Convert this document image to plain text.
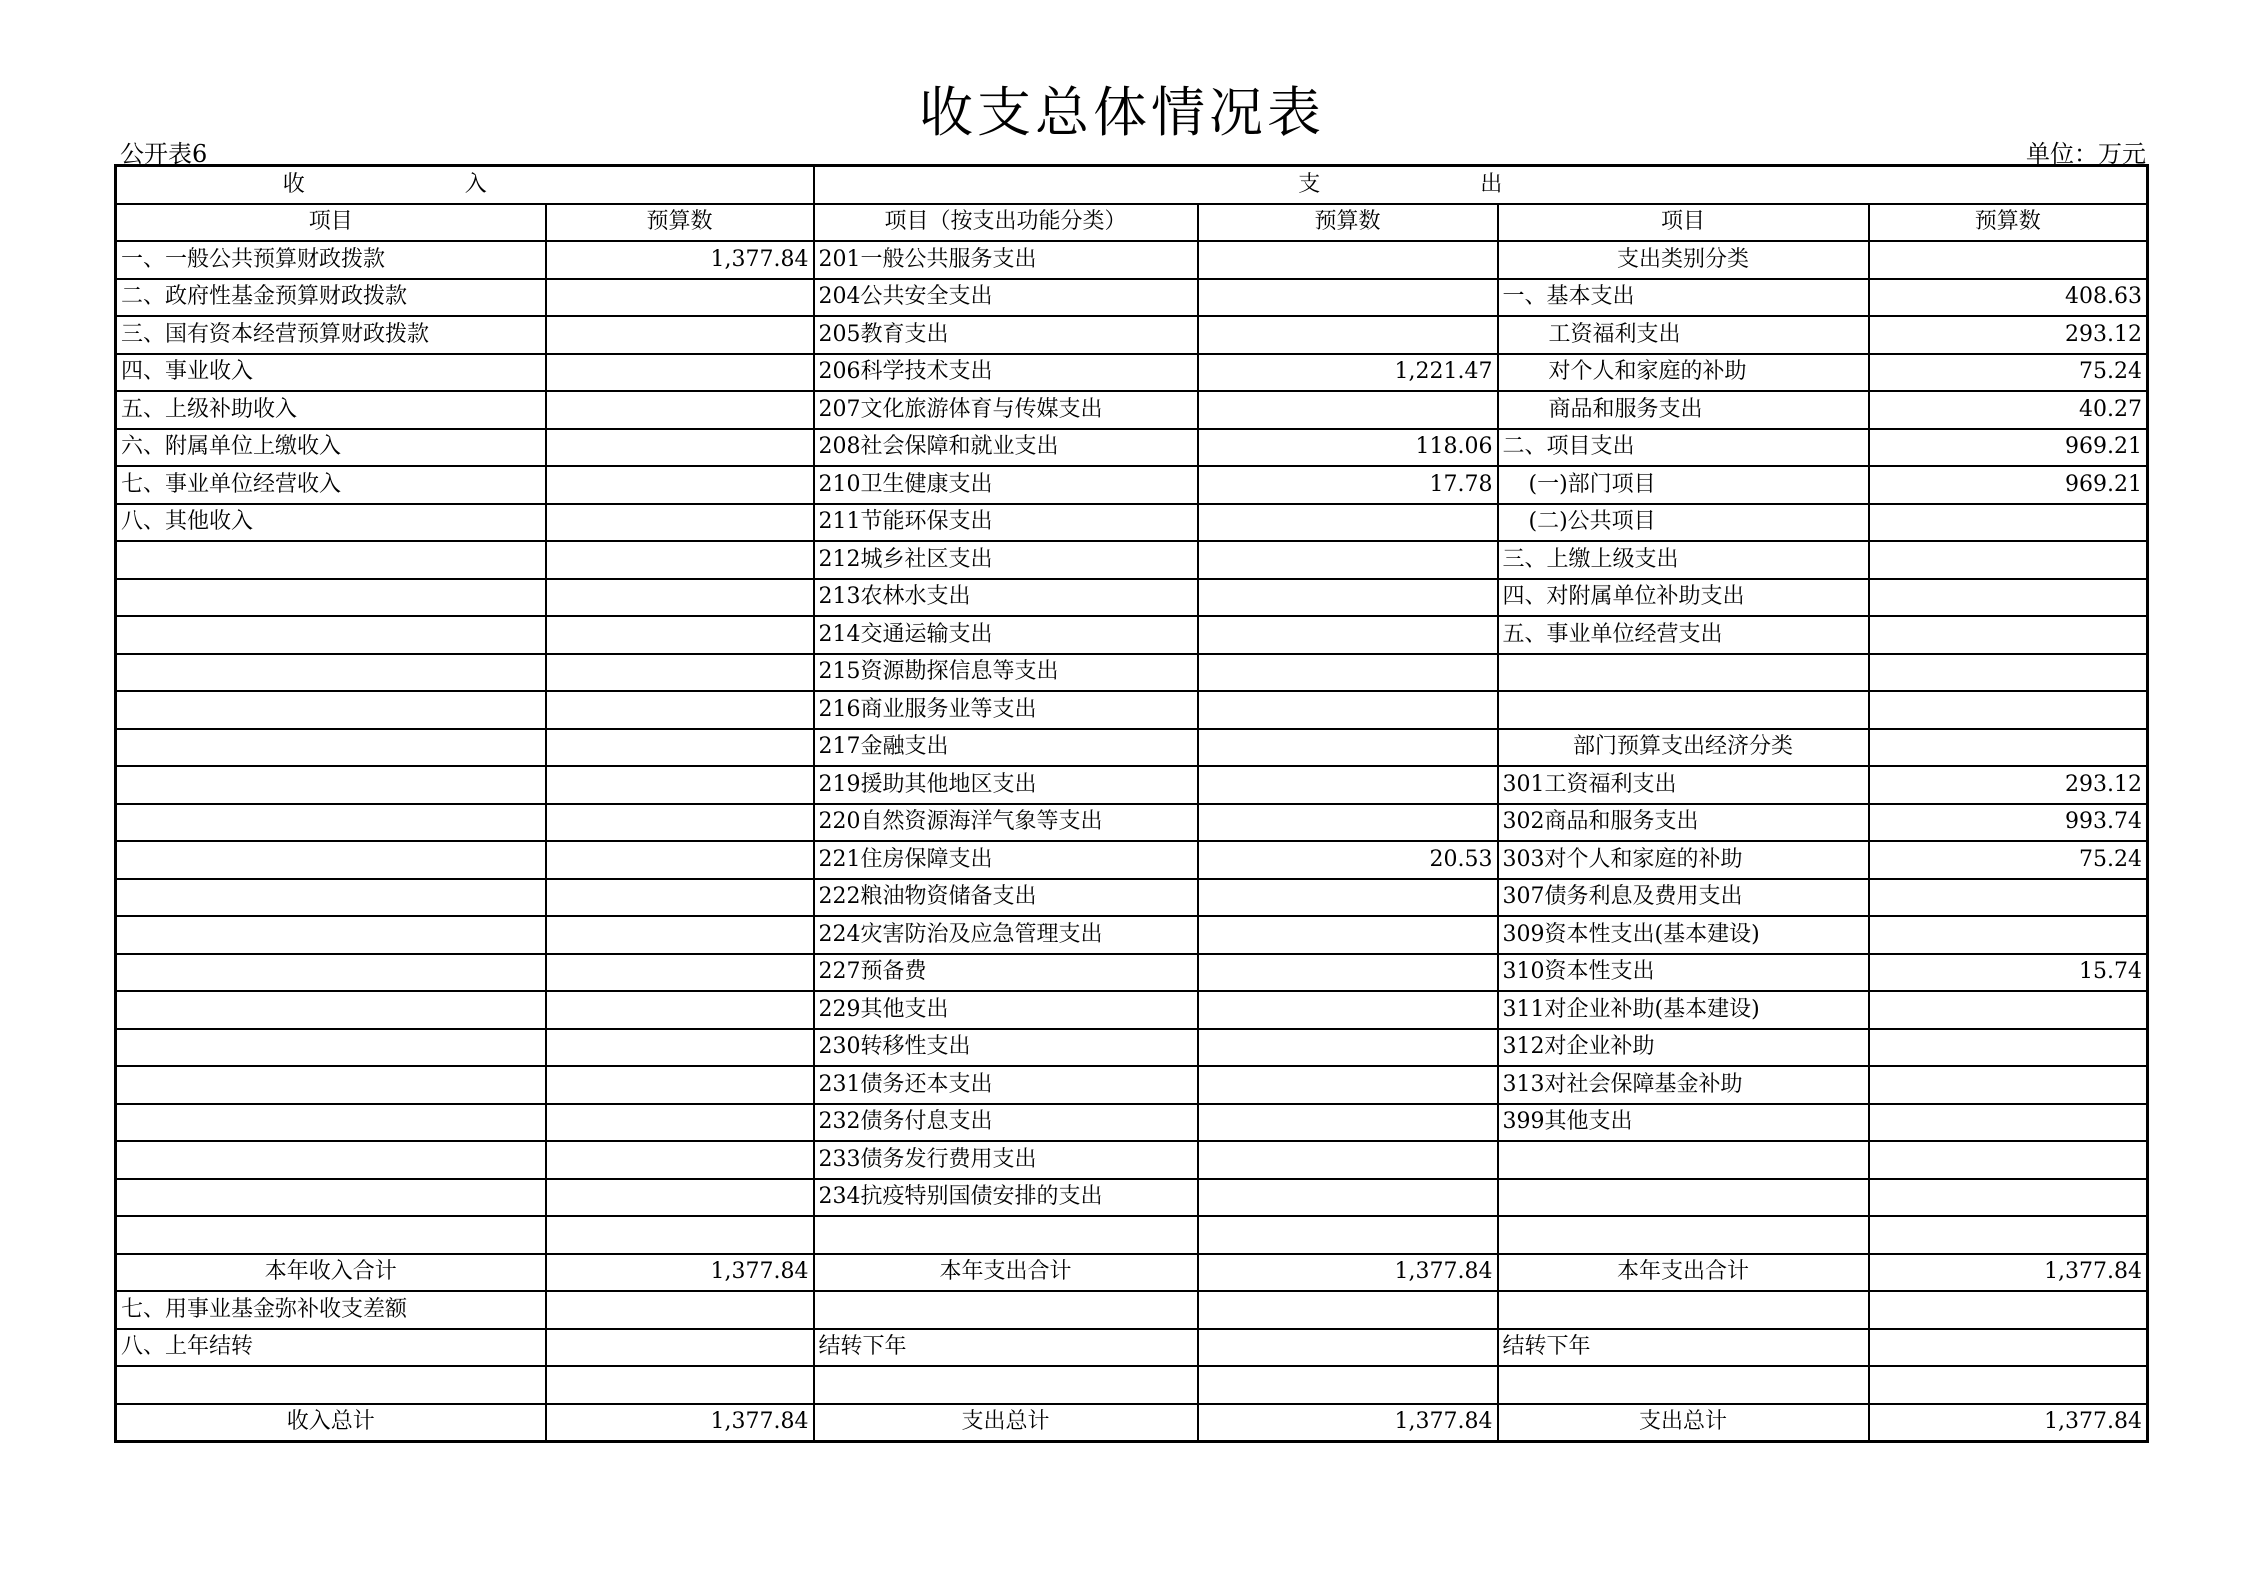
收支总体情况表
公开表6	单位：万元
收入		支出			
项目	预算数	项目（按支出功能分类）	预算数	项目	预算数
一、一般公共预算财政拨款	1,377.84	201一般公共服务支出		支出类别分类	
二、政府性基金预算财政拨款		204公共安全支出		一、基本支出	408.63
三、国有资本经营预算财政拨款		205教育支出		工资福利支出	293.12
四、事业收入		206科学技术支出	1,221.47	对个人和家庭的补助	75.24
五、上级补助收入		207文化旅游体育与传媒支出		商品和服务支出	40.27
六、附属单位上缴收入		208社会保障和就业支出	118.06	二、项目支出	969.21
七、事业单位经营收入		210卫生健康支出	17.78	(一)部门项目	969.21
八、其他收入		211节能环保支出		(二)公共项目	
		212城乡社区支出		三、上缴上级支出	
		213农林水支出		四、对附属单位补助支出	
		214交通运输支出		五、事业单位经营支出	
		215资源勘探信息等支出			
		216商业服务业等支出			
		217金融支出		部门预算支出经济分类	
		219援助其他地区支出		301工资福利支出	293.12
		220自然资源海洋气象等支出		302商品和服务支出	993.74
		221住房保障支出	20.53	303对个人和家庭的补助	75.24
		222粮油物资储备支出		307债务利息及费用支出	
		224灾害防治及应急管理支出		309资本性支出(基本建设)	
		227预备费		310资本性支出	15.74
		229其他支出		311对企业补助(基本建设)	
		230转移性支出		312对企业补助	
		231债务还本支出		313对社会保障基金补助	
		232债务付息支出		399其他支出	
		233债务发行费用支出			
		234抗疫特别国债安排的支出			

本年收入合计	1,377.84	本年支出合计	1,377.84	本年支出合计	1,377.84
七、用事业基金弥补收支差额					
八、上年结转		结转下年		结转下年	

收入总计	1,377.84	支出总计	1,377.84	支出总计	1,377.84
